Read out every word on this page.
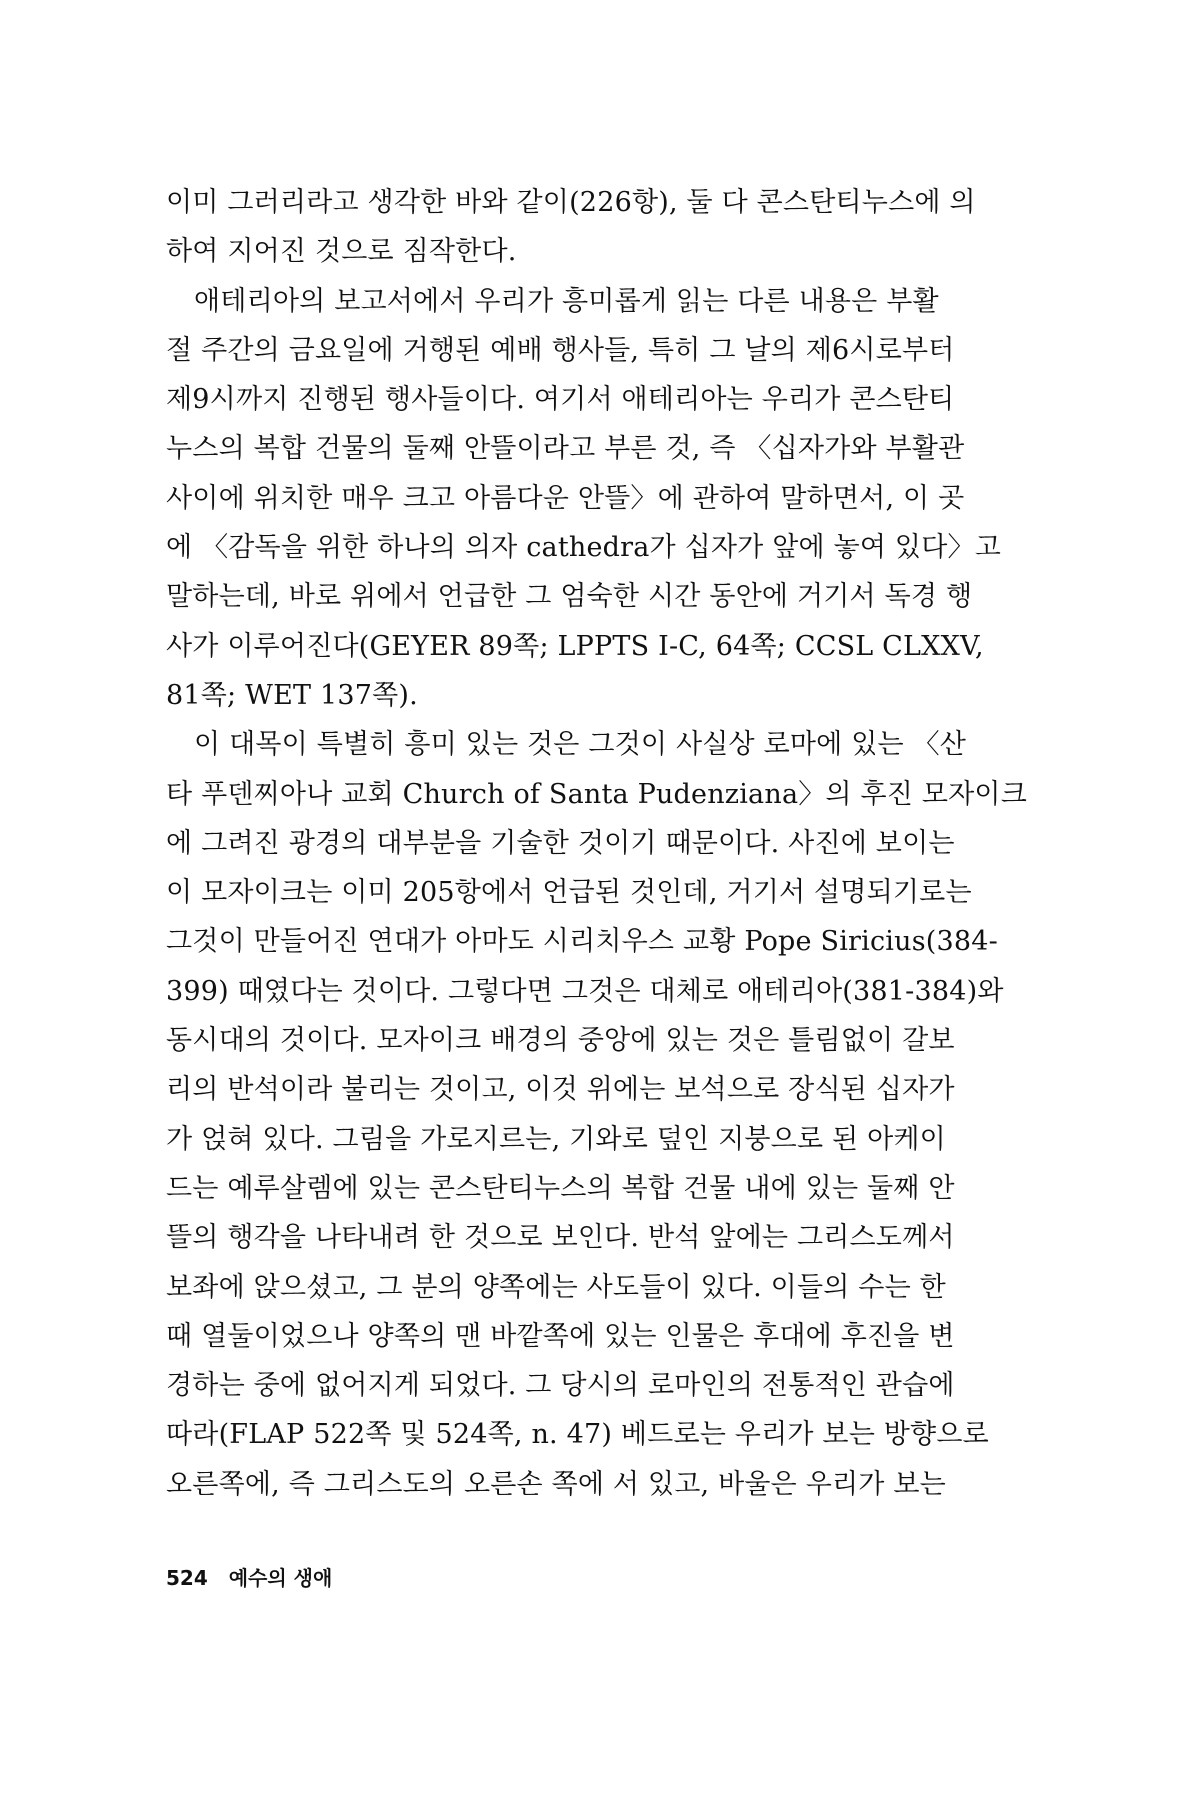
이미 그러리라고 생각한 바와 같이(226항), 둘 다 콘스탄티누스에 의
하여 지어진 것으로 짐작한다.
애테리아의 보고서에서 우리가 흥미롭게 읽는 다른 내용은 부활
절 주간의 금요일에 거행된 예배 행사들, 특히 그 날의 제6시로부터
제9시까지 진행된 행사들이다. 여기서 애테리아는 우리가 콘스탄티
누스의 복합 건물의 둘째 안뜰이라고 부른 것, 즉 〈십자가와 부활관
사이에 위치한 매우 크고 아름다운 안뜰〉에 관하여 말하면서, 이 곳
에 〈감독을 위한 하나의 의자 cathedra가 십자가 앞에 놓여 있다〉고
말하는데, 바로 위에서 언급한 그 엄숙한 시간 동안에 거기서 독경 행
사가 이루어진다(GEYER 89쪽; LPPTS I-C, 64쪽; CCSL CLXXV,
81쪽; WET 137쪽).
이 대목이 특별히 흥미 있는 것은 그것이 사실상 로마에 있는 〈산
타 푸덴찌아나 교회 Church of Santa Pudenziana〉의 후진 모자이크
에 그려진 광경의 대부분을 기술한 것이기 때문이다. 사진에 보이는
이 모자이크는 이미 205항에서 언급된 것인데, 거기서 설명되기로는
그것이 만들어진 연대가 아마도 시리치우스 교황 Pope Siricius(384-
399) 때였다는 것이다. 그렇다면 그것은 대체로 애테리아(381-384)와
동시대의 것이다. 모자이크 배경의 중앙에 있는 것은 틀림없이 갈보
리의 반석이라 불리는 것이고, 이것 위에는 보석으로 장식된 십자가
가 얹혀 있다. 그림을 가로지르는, 기와로 덮인 지붕으로 된 아케이
드는 예루살렘에 있는 콘스탄티누스의 복합 건물 내에 있는 둘째 안
뜰의 행각을 나타내려 한 것으로 보인다. 반석 앞에는 그리스도께서
보좌에 앉으셨고, 그 분의 양쪽에는 사도들이 있다. 이들의 수는 한
때 열둘이었으나 양쪽의 맨 바깥쪽에 있는 인물은 후대에 후진을 변
경하는 중에 없어지게 되었다. 그 당시의 로마인의 전통적인 관습에
따라(FLAP 522쪽 및 524쪽, n. 47) 베드로는 우리가 보는 방향으로
오른쪽에, 즉 그리스도의 오른손 쪽에 서 있고, 바울은 우리가 보는
524 예수의 생애
